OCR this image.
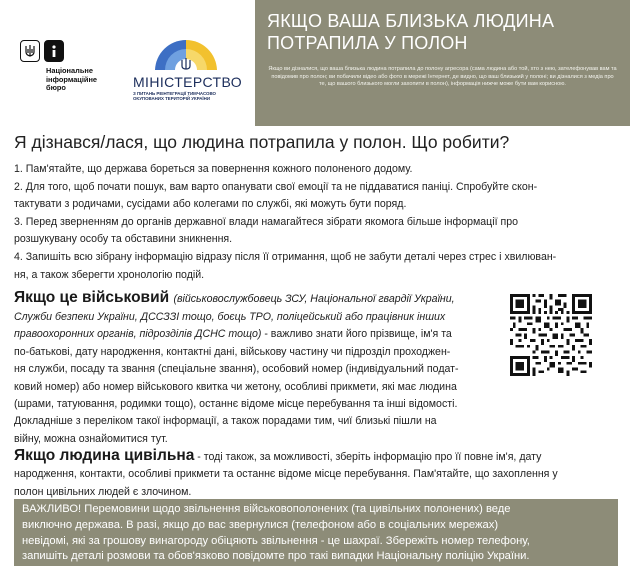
Національне
інформаційне
бюро	МІНІСТЕРСТВО
З ПИТАНЬ РЕІНТЕГРАЦІЇ ТИМЧАСОВО ОКУПОВАНИХ ТЕРИТОРІЙ УКРАЇНИ
ЯКЩО ВАША БЛИЗЬКА ЛЮДИНА
ПОТРАПИЛА У ПОЛОН
Якщо ви дізналися, що ваша близька людина потрапила до полону агресора (сама людина або той, хто з нею, зателефонував вам та повідомив про полон; ви побачили відео або фото в мережі Інтернет, де видно, що ваш близький у полоні; ви дізналися з медіа про те, що вашого близького могли захопити в полон), інформація нижче може бути вам корисною.
Я дізнався/лася, що людина потрапила у полон. Що робити?
1. Пам'ятайте, що держава бореться за повернення кожного полоненого додому.
2. Для того, щоб почати пошук, вам варто опанувати свої емоції та не піддаватися паніці. Спробуйте скон-
тактувати з родичами, сусідами або колегами по службі, які можуть бути поряд.
3. Перед зверненням до органів державної влади намагайтеся зібрати якомога більше інформації про
розшукувану особу та обставини зникнення.
4. Запишіть всю зібрану інформацію відразу після її отримання, щоб не забути деталі через стрес і хвилюван-
ня, а також зберегти хронологію подій.
Якщо це військовий (військовослужбовець ЗСУ, Національної гвардії України,
Служби безпеки України, ДССЗЗІ тощо, боєць ТРО, поліцейський або працівник інших
правоохоронних органів, підрозділів ДСНС тощо) - важливо знати його прізвище, ім'я та
по-батькові, дату народження, контактні дані, військову частину чи підрозділ проходжен-
ня служби, посаду та звання (спеціальне звання), особовий номер (індивідуальний подат-
ковий номер) або номер військового квитка чи жетону, особливі прикмети, які має людина
(шрами, татуювання, родимки тощо), останнє відоме місце перебування та інші відомості.
Докладніше з переліком такої інформації, а також порадами тим, чиї близькі пішли на
війну, можна ознайомитися тут.
Якщо людина цивільна - тоді також, за можливості, зберіть інформацію про її повне ім'я, дату
народження, контакти, особливі прикмети та останнє відоме місце перебування. Пам'ятайте, що захоплення у
полон цивільних людей є злочином.
ВАЖЛИВО! Перемовини щодо звільнення військовополонених (та цивільних полонених) веде
виключно держава. В разі, якщо до вас звернулися (телефоном або в соціальних мережах)
невідомі, які за грошову винагороду обіцяють звільнення - це шахраї. Збережіть номер телефону,
запишіть деталі розмови та обов'язково повідомте про такі випадки Національну поліцію України.
